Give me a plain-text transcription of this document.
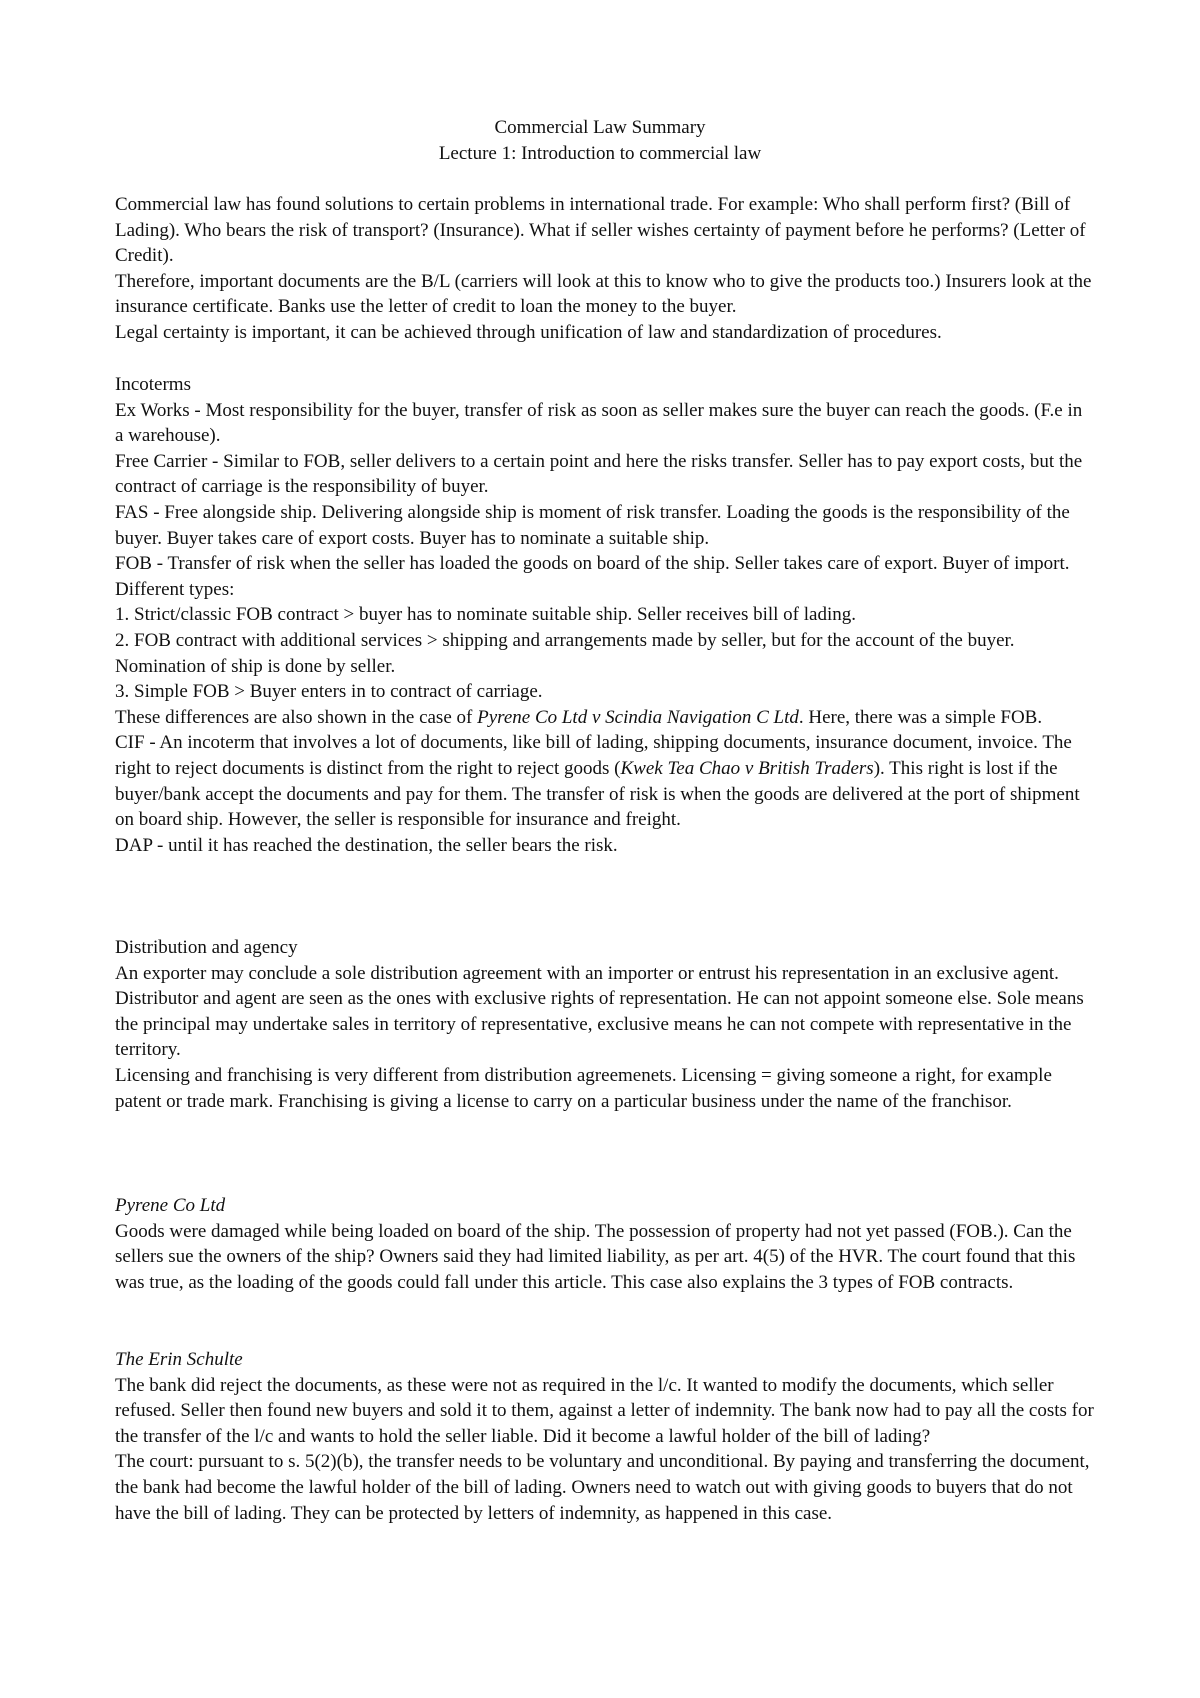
Commercial Law Summary

Lecture 1: Introduction to commercial law

Commercial law has found solutions to certain problems in international trade. For example: Who shall perform first? (Bill of Lading). Who bears the risk of transport? (Insurance). What if seller wishes certainty of payment before he performs? (Letter of Credit).

Therefore, important documents are the B/L (carriers will look at this to know who to give the products too.) Insurers look at the insurance certificate. Banks use the letter of credit to loan the money to the buyer.

Legal certainty is important, it can be achieved through unification of law and standardization of procedures.

Incoterms

Ex Works - Most responsibility for the buyer, transfer of risk as soon as seller makes sure the buyer can reach the goods. (F.e in a warehouse).

Free Carrier - Similar to FOB, seller delivers to a certain point and here the risks transfer. Seller has to pay export costs, but the contract of carriage is the responsibility of buyer.

FAS - Free alongside ship. Delivering alongside ship is moment of risk transfer. Loading the goods is the responsibility of the buyer. Buyer takes care of export costs. Buyer has to nominate a suitable ship.

FOB - Transfer of risk when the seller has loaded the goods on board of the ship. Seller takes care of export. Buyer of import. Different types:

1. Strict/classic FOB contract > buyer has to nominate suitable ship. Seller receives bill of lading.

2. FOB contract with additional services > shipping and arrangements made by seller, but for the account of the buyer. Nomination of ship is done by seller.

3. Simple FOB > Buyer enters in to contract of carriage.

These differences are also shown in the case of Pyrene Co Ltd v Scindia Navigation C Ltd. Here, there was a simple FOB.

CIF - An incoterm that involves a lot of documents, like bill of lading, shipping documents, insurance document, invoice. The right to reject documents is distinct from the right to reject goods (Kwek Tea Chao v British Traders). This right is lost if the buyer/bank accept the documents and pay for them. The transfer of risk is when the goods are delivered at the port of shipment on board ship. However, the seller is responsible for insurance and freight.

DAP - until it has reached the destination, the seller bears the risk.

Distribution and agency

An exporter may conclude a sole distribution agreement with an importer or entrust his representation in an exclusive agent. Distributor and agent are seen as the ones with exclusive rights of representation. He can not appoint someone else. Sole means the principal may undertake sales in territory of representative, exclusive means he can not compete with representative in the territory.

Licensing and franchising is very different from distribution agreemenets. Licensing = giving someone a right, for example patent or trade mark. Franchising is giving a license to carry on a particular business under the name of the franchisor.

Pyrene Co Ltd

Goods were damaged while being loaded on board of the ship. The possession of property had not yet passed (FOB.). Can the sellers sue the owners of the ship? Owners said they had limited liability, as per art. 4(5) of the HVR. The court found that this was true, as the loading of the goods could fall under this article. This case also explains the 3 types of FOB contracts.

The Erin Schulte

The bank did reject the documents, as these were not as required in the l/c. It wanted to modify the documents, which seller refused. Seller then found new buyers and sold it to them, against a letter of indemnity. The bank now had to pay all the costs for the transfer of the l/c and wants to hold the seller liable. Did it become a lawful holder of the bill of lading?

The court: pursuant to s. 5(2)(b), the transfer needs to be voluntary and unconditional. By paying and transferring the document, the bank had become the lawful holder of the bill of lading. Owners need to watch out with giving goods to buyers that do not have the bill of lading. They can be protected by letters of indemnity, as happened in this case.
